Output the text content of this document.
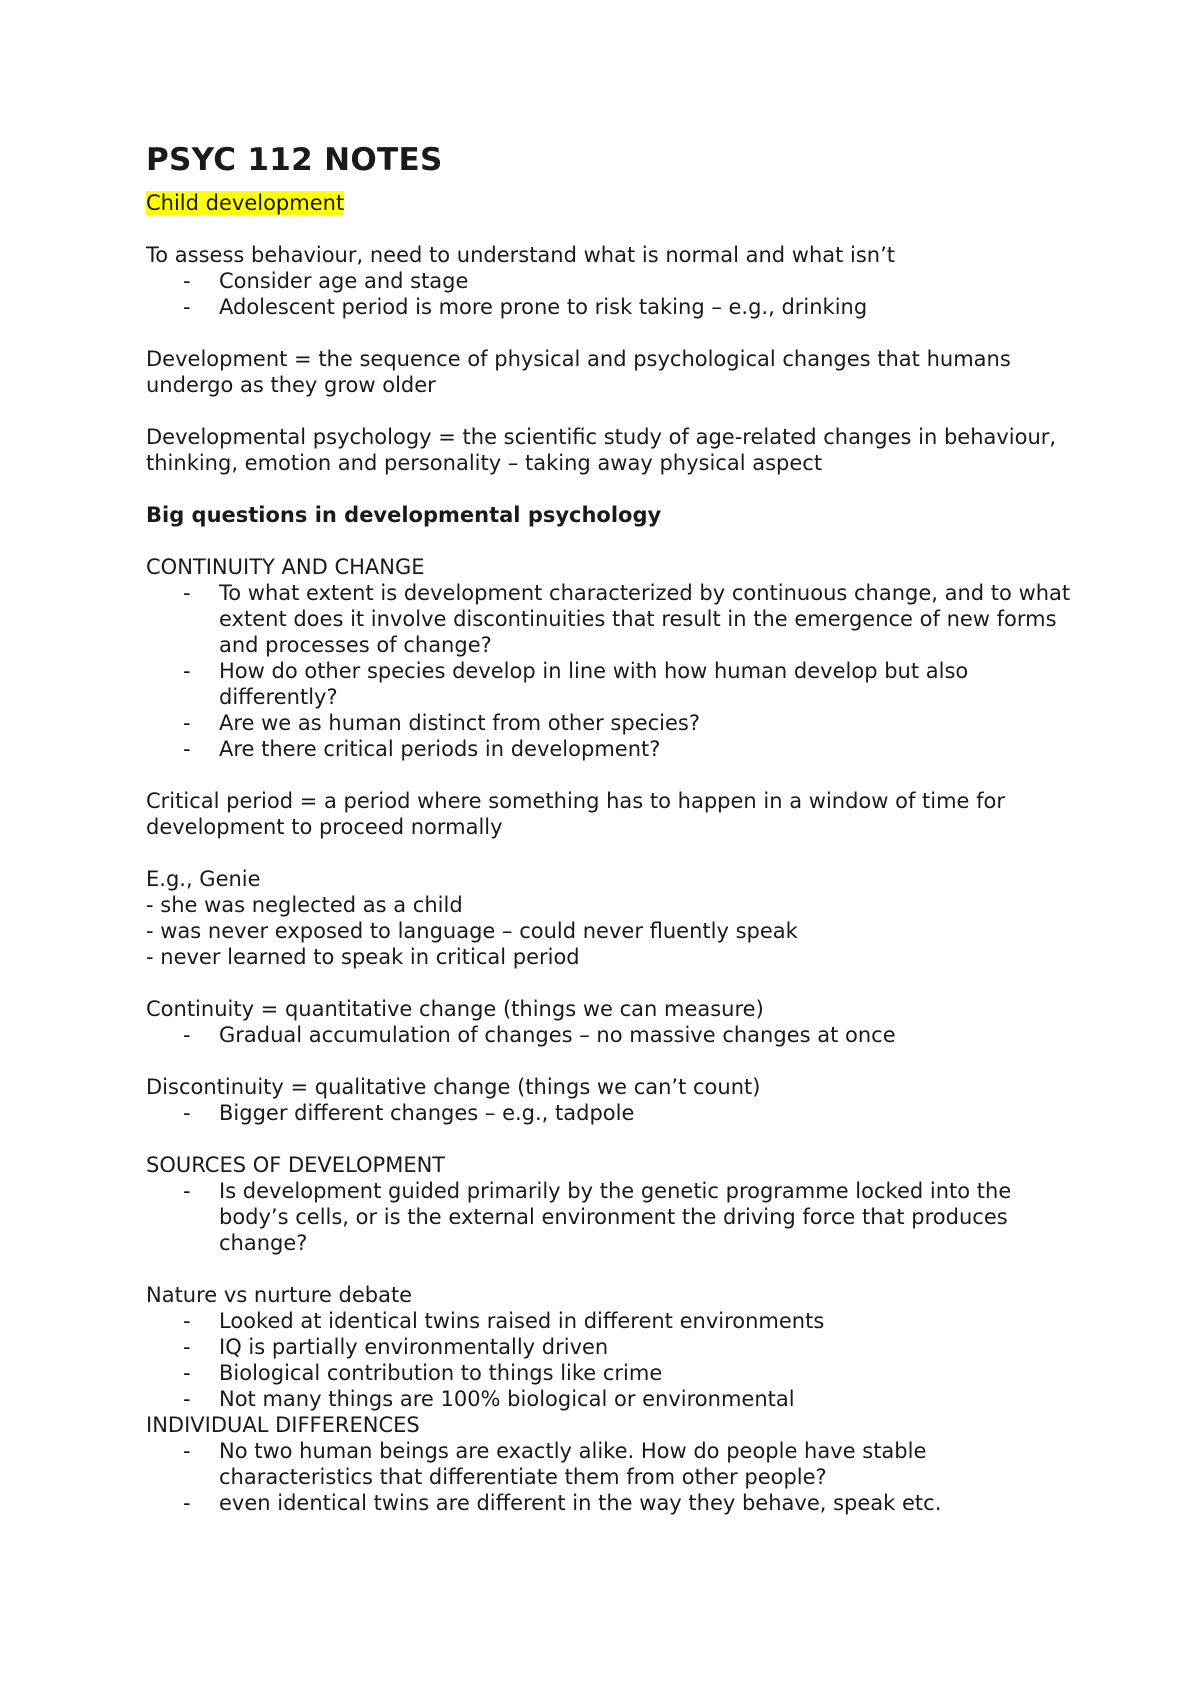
PSYC 112 NOTES

Child development

To assess behaviour, need to understand what is normal and what isn’t

- Consider age and stage
- Adolescent period is more prone to risk taking – e.g., drinking

Development = the sequence of physical and psychological changes that humans undergo as they grow older

Developmental psychology = the scientific study of age-related changes in behaviour, thinking, emotion and personality – taking away physical aspect

Big questions in developmental psychology

CONTINUITY AND CHANGE

- To what extent is development characterized by continuous change, and to what extent does it involve discontinuities that result in the emergence of new forms and processes of change?
- How do other species develop in line with how human develop but also differently?
- Are we as human distinct from other species?
- Are there critical periods in development?

Critical period = a period where something has to happen in a window of time for development to proceed normally

E.g., Genie

- she was neglected as a child

- was never exposed to language – could never fluently speak

- never learned to speak in critical period

Continuity = quantitative change (things we can measure)

- Gradual accumulation of changes – no massive changes at once

Discontinuity = qualitative change (things we can’t count)

- Bigger different changes – e.g., tadpole

SOURCES OF DEVELOPMENT

- Is development guided primarily by the genetic programme locked into the body’s cells, or is the external environment the driving force that produces change?

Nature vs nurture debate

- Looked at identical twins raised in different environments
- IQ is partially environmentally driven
- Biological contribution to things like crime
- Not many things are 100% biological or environmental

INDIVIDUAL DIFFERENCES

- No two human beings are exactly alike. How do people have stable characteristics that differentiate them from other people?
- even identical twins are different in the way they behave, speak etc.
